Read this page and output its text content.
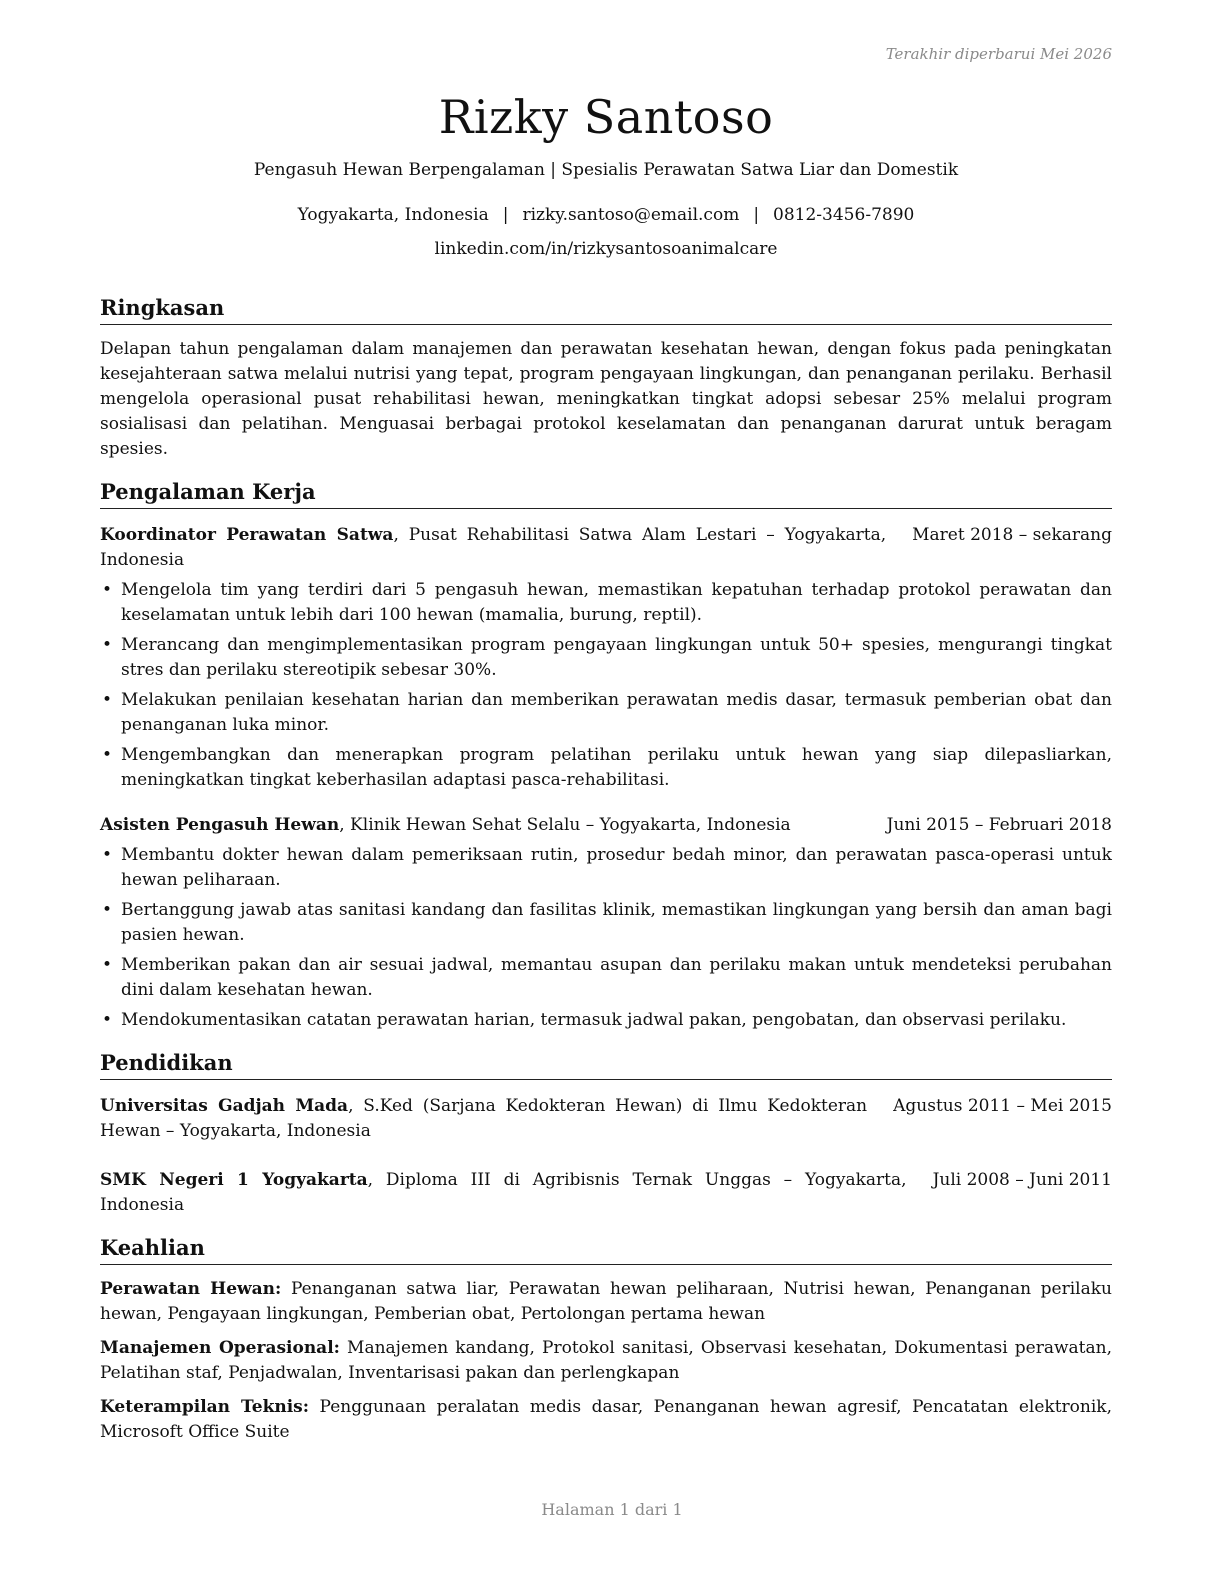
Terakhir diperbarui Mei 2026
Rizky Santoso
Pengasuh Hewan Berpengalaman | Spesialis Perawatan Satwa Liar dan Domestik
Yogyakarta, Indonesia | rizky.santoso@email.com | 0812-3456-7890
linkedin.com/in/rizkysantosoanimalcare
Ringkasan
Delapan tahun pengalaman dalam manajemen dan perawatan kesehatan hewan, dengan fokus pada peningkatan kesejahteraan satwa melalui nutrisi yang tepat, program pengayaan lingkungan, dan penanganan perilaku. Berhasil mengelola operasional pusat rehabilitasi hewan, meningkatkan tingkat adopsi sebesar 25% melalui program sosialisasi dan pelatihan. Menguasai berbagai protokol keselamatan dan penanganan darurat untuk beragam spesies.
Pengalaman Kerja
Koordinator Perawatan Satwa, Pusat Rehabilitasi Satwa Alam Lestari – Yogyakarta, Indonesia
Maret 2018 – sekarang
• Mengelola tim yang terdiri dari 5 pengasuh hewan, memastikan kepatuhan terhadap protokol perawatan dan keselamatan untuk lebih dari 100 hewan (mamalia, burung, reptil).
• Merancang dan mengimplementasikan program pengayaan lingkungan untuk 50+ spesies, mengurangi tingkat stres dan perilaku stereotipik sebesar 30%.
• Melakukan penilaian kesehatan harian dan memberikan perawatan medis dasar, termasuk pemberian obat dan penanganan luka minor.
• Mengembangkan dan menerapkan program pelatihan perilaku untuk hewan yang siap dilepasliarkan, meningkatkan tingkat keberhasilan adaptasi pasca-rehabilitasi.
Asisten Pengasuh Hewan, Klinik Hewan Sehat Selalu – Yogyakarta, Indonesia	Juni 2015 – Februari 2018
• Membantu dokter hewan dalam pemeriksaan rutin, prosedur bedah minor, dan perawatan pasca-operasi untuk hewan peliharaan.
• Bertanggung jawab atas sanitasi kandang dan fasilitas klinik, memastikan lingkungan yang bersih dan aman bagi pasien hewan.
• Memberikan pakan dan air sesuai jadwal, memantau asupan dan perilaku makan untuk mendeteksi perubahan dini dalam kesehatan hewan.
• Mendokumentasikan catatan perawatan harian, termasuk jadwal pakan, pengobatan, dan observasi perilaku.
Pendidikan
Universitas Gadjah Mada, S.Ked (Sarjana Kedokteran Hewan) di Ilmu Kedokteran Hewan – Yogyakarta, Indonesia
Agustus 2011 – Mei 2015
SMK Negeri 1 Yogyakarta, Diploma III di Agribisnis Ternak Unggas – Yogyakarta, Indonesia
Juli 2008 – Juni 2011
Keahlian
Perawatan Hewan: Penanganan satwa liar, Perawatan hewan peliharaan, Nutrisi hewan, Penanganan perilaku hewan, Pengayaan lingkungan, Pemberian obat, Pertolongan pertama hewan
Manajemen Operasional: Manajemen kandang, Protokol sanitasi, Observasi kesehatan, Dokumentasi perawatan, Pelatihan staf, Penjadwalan, Inventarisasi pakan dan perlengkapan
Keterampilan Teknis: Penggunaan peralatan medis dasar, Penanganan hewan agresif, Pencatatan elektronik, Microsoft Office Suite
Halaman 1 dari 1
